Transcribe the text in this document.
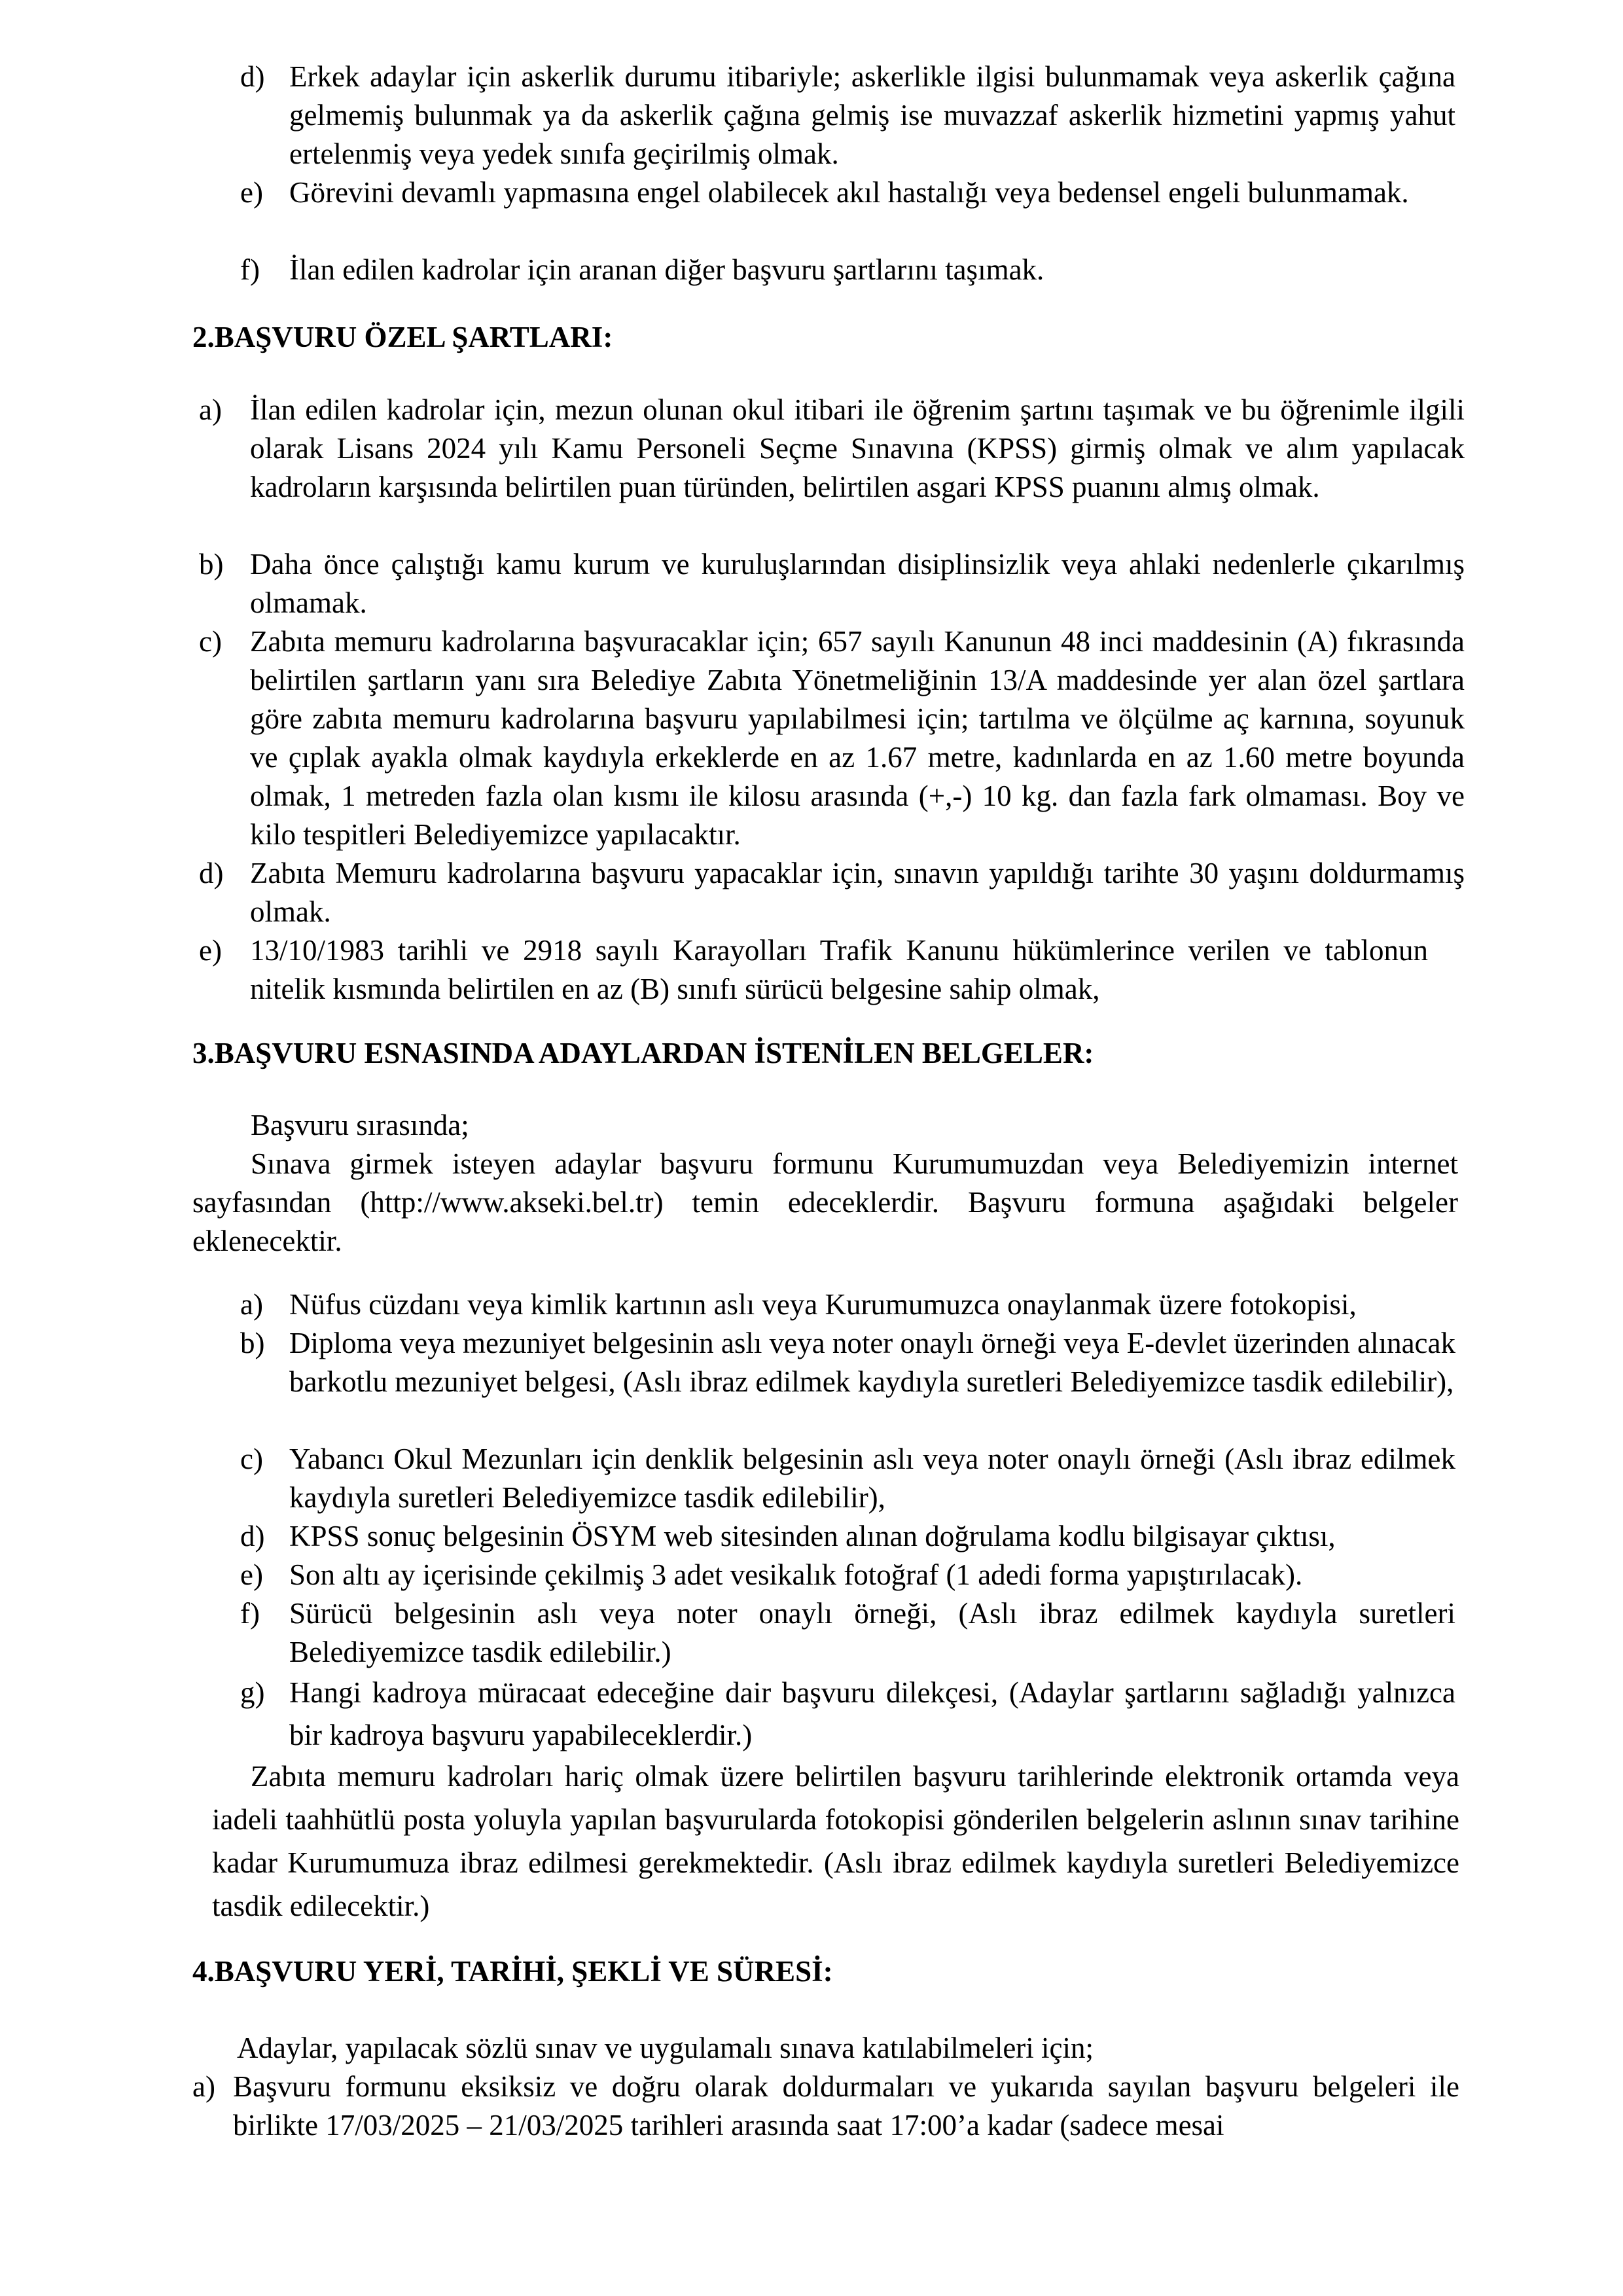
d) Erkek adaylar için askerlik durumu itibariyle; askerlikle ilgisi bulunmamak veya askerlik çağına gelmemiş bulunmak ya da askerlik çağına gelmiş ise muvazzaf askerlik hizmetini yapmış yahut ertelenmiş veya yedek sınıfa geçirilmiş olmak.
e) Görevini devamlı yapmasına engel olabilecek akıl hastalığı veya bedensel engeli bulunmamak.
f) İlan edilen kadrolar için aranan diğer başvuru şartlarını taşımak.
2.BAŞVURU ÖZEL ŞARTLARI:
a) İlan edilen kadrolar için, mezun olunan okul itibari ile öğrenim şartını taşımak ve bu öğrenimle ilgili olarak Lisans 2024 yılı Kamu Personeli Seçme Sınavına (KPSS) girmiş olmak ve alım yapılacak kadroların karşısında belirtilen puan türünden, belirtilen asgari KPSS puanını almış olmak.
b) Daha önce çalıştığı kamu kurum ve kuruluşlarından disiplinsizlik veya ahlaki nedenlerle çıkarılmış olmamak.
c) Zabıta memuru kadrolarına başvuracaklar için; 657 sayılı Kanunun 48 inci maddesinin (A) fıkrasında belirtilen şartların yanı sıra Belediye Zabıta Yönetmeliğinin 13/A maddesinde yer alan özel şartlara göre zabıta memuru kadrolarına başvuru yapılabilmesi için; tartılma ve ölçülme aç karnına, soyunuk ve çıplak ayakla olmak kaydıyla erkeklerde en az 1.67 metre, kadınlarda en az 1.60 metre boyunda olmak, 1 metreden fazla olan kısmı ile kilosu arasında (+,-) 10 kg. dan fazla fark olmaması. Boy ve kilo tespitleri Belediyemizce yapılacaktır.
d) Zabıta Memuru kadrolarına başvuru yapacaklar için, sınavın yapıldığı tarihte 30 yaşını doldurmamış olmak.
e) 13/10/1983 tarihli ve 2918 sayılı Karayolları Trafik Kanunu hükümlerince verilen ve tablonun nitelik kısmında belirtilen en az (B) sınıfı sürücü belgesine sahip olmak,
3.BAŞVURU ESNASINDA ADAYLARDAN İSTENİLEN BELGELER:
Başvuru sırasında;
Sınava girmek isteyen adaylar başvuru formunu Kurumumuzdan veya Belediyemizin internet sayfasından (http://www.akseki.bel.tr) temin edeceklerdir. Başvuru formuna aşağıdaki belgeler eklenecektir.
a) Nüfus cüzdanı veya kimlik kartının aslı veya Kurumumuzca onaylanmak üzere fotokopisi,
b) Diploma veya mezuniyet belgesinin aslı veya noter onaylı örneği veya E-devlet üzerinden alınacak barkotlu mezuniyet belgesi, (Aslı ibraz edilmek kaydıyla suretleri Belediyemizce tasdik edilebilir),
c) Yabancı Okul Mezunları için denklik belgesinin aslı veya noter onaylı örneği (Aslı ibraz edilmek kaydıyla suretleri Belediyemizce tasdik edilebilir),
d) KPSS sonuç belgesinin ÖSYM web sitesinden alınan doğrulama kodlu bilgisayar çıktısı,
e) Son altı ay içerisinde çekilmiş 3 adet vesikalık fotoğraf (1 adedi forma yapıştırılacak).
f) Sürücü belgesinin aslı veya noter onaylı örneği, (Aslı ibraz edilmek kaydıyla suretleri Belediyemizce tasdik edilebilir.)
g) Hangi kadroya müracaat edeceğine dair başvuru dilekçesi, (Adaylar şartlarını sağladığı yalnızca bir kadroya başvuru yapabileceklerdir.)
Zabıta memuru kadroları hariç olmak üzere belirtilen başvuru tarihlerinde elektronik ortamda veya iadeli taahhütlü posta yoluyla yapılan başvurularda fotokopisi gönderilen belgelerin aslının sınav tarihine kadar Kurumumuza ibraz edilmesi gerekmektedir. (Aslı ibraz edilmek kaydıyla suretleri Belediyemizce tasdik edilecektir.)
4.BAŞVURU YERİ, TARİHİ, ŞEKLİ VE SÜRESİ:
Adaylar, yapılacak sözlü sınav ve uygulamalı sınava katılabilmeleri için;
a) Başvuru formunu eksiksiz ve doğru olarak doldurmaları ve yukarıda sayılan başvuru belgeleri ile birlikte 17/03/2025 – 21/03/2025 tarihleri arasında saat 17:00’a kadar (sadece mesai
